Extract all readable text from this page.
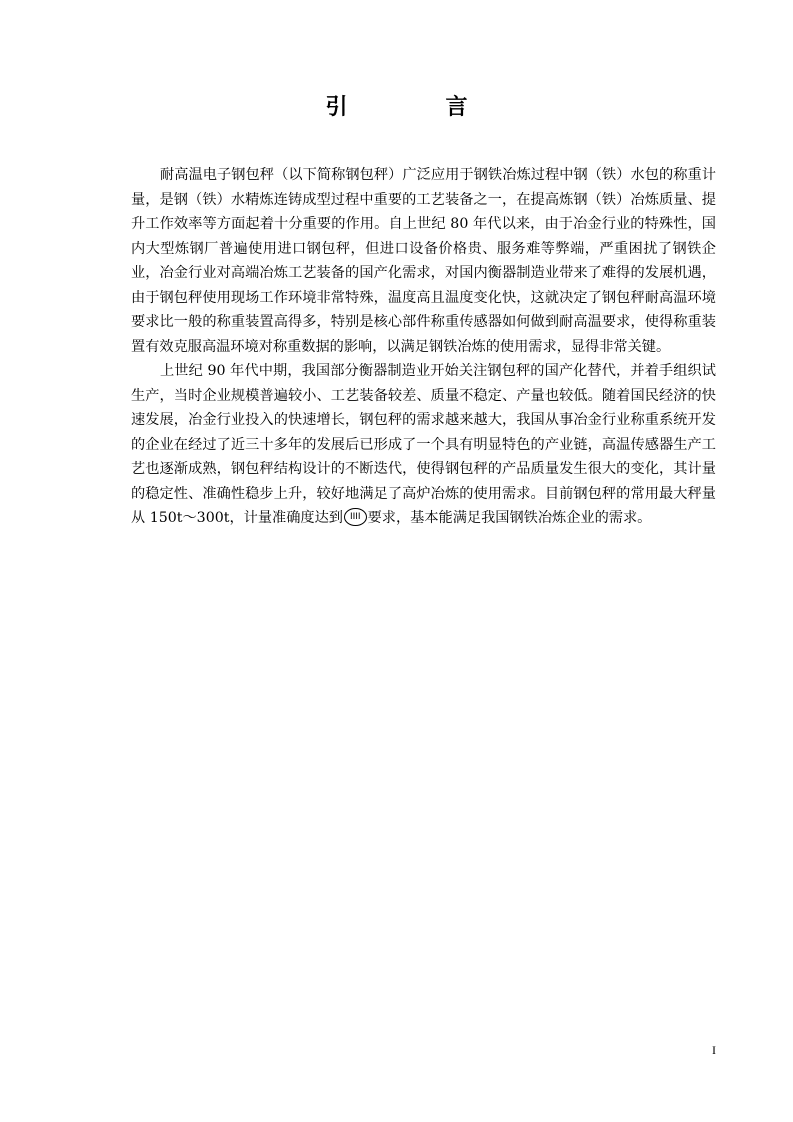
引　言

耐高温电子钢包秤（以下简称钢包秤）广泛应用于钢铁冶炼过程中钢（铁）水包的称重计量，是钢（铁）水精炼连铸成型过程中重要的工艺装备之一，在提高炼钢（铁）冶炼质量、提升工作效率等方面起着十分重要的作用。自上世纪 80 年代以来，由于冶金行业的特殊性，国内大型炼钢厂普遍使用进口钢包秤，但进口设备价格贵、服务难等弊端，严重困扰了钢铁企业，冶金行业对高端冶炼工艺装备的国产化需求，对国内衡器制造业带来了难得的发展机遇，由于钢包秤使用现场工作环境非常特殊，温度高且温度变化快，这就决定了钢包秤耐高温环境要求比一般的称重装置高得多，特别是核心部件称重传感器如何做到耐高温要求，使得称重装置有效克服高温环境对称重数据的影响，以满足钢铁冶炼的使用需求，显得非常关键。

上世纪 90 年代中期，我国部分衡器制造业开始关注钢包秤的国产化替代，并着手组织试生产，当时企业规模普遍较小、工艺装备较差、质量不稳定、产量也较低。随着国民经济的快速发展，冶金行业投入的快速增长，钢包秤的需求越来越大，我国从事冶金行业称重系统开发的企业在经过了近三十多年的发展后已形成了一个具有明显特色的产业链，高温传感器生产工艺也逐渐成熟，钢包秤结构设计的不断迭代，使得钢包秤的产品质量发生很大的变化，其计量的稳定性、准确性稳步上升，较好地满足了高炉冶炼的使用需求。目前钢包秤的常用最大秤量从 150t～300t，计量准确度达到 IIII 要求，基本能满足我国钢铁冶炼企业的需求。

I
